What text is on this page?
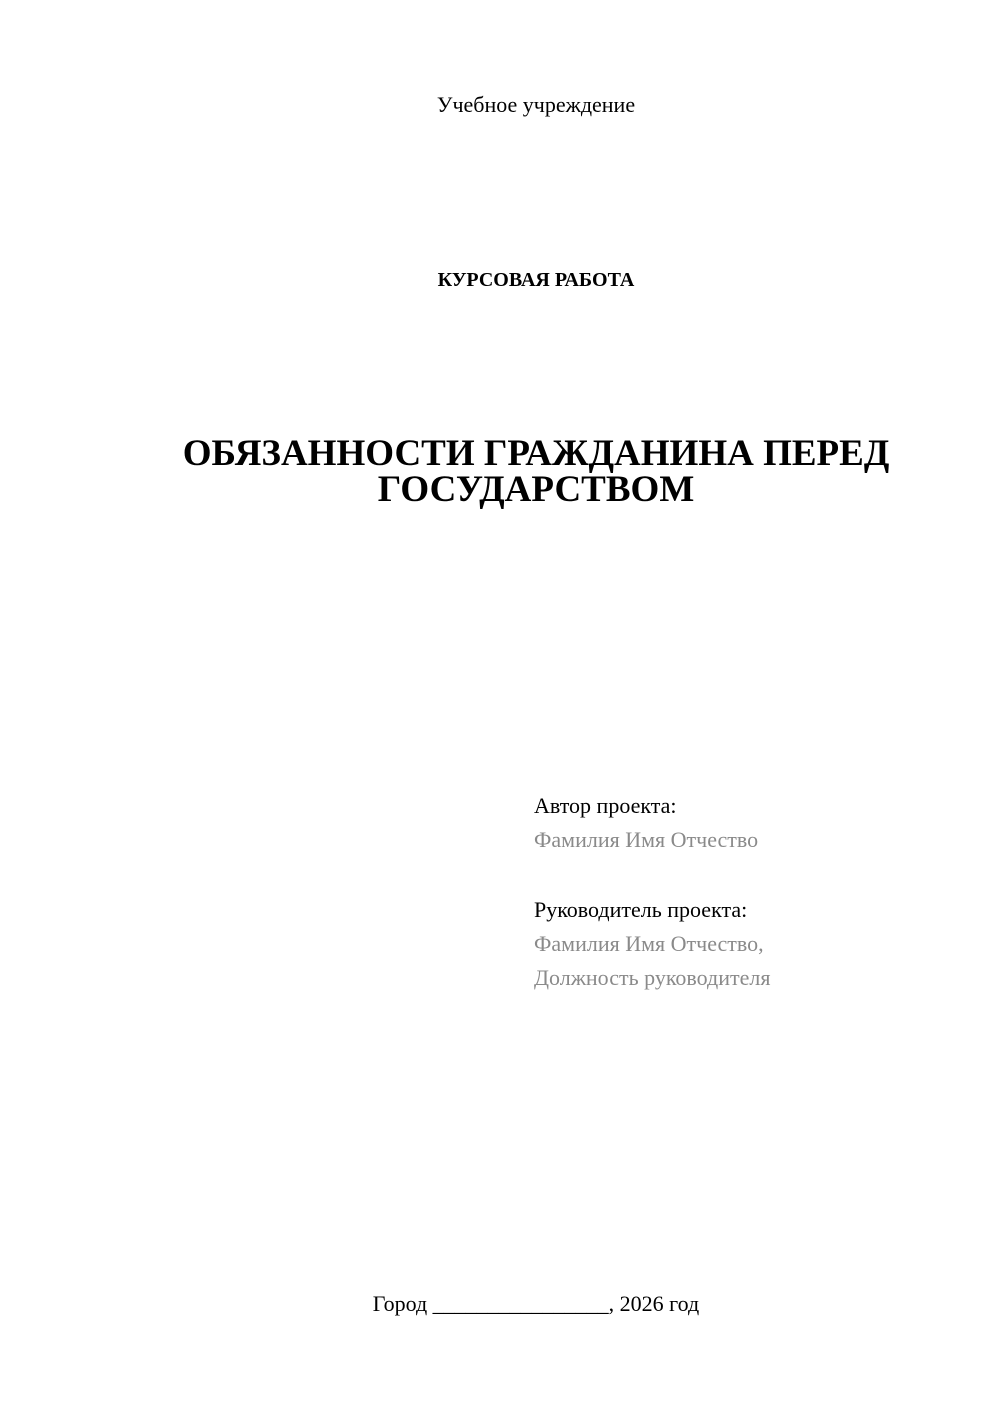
Учебное учреждение
КУРСОВАЯ РАБОТА
ОБЯЗАННОСТИ ГРАЖДАНИНА ПЕРЕД
ГОСУДАРСТВОМ
Автор проекта:
Фамилия Имя Отчество
Руководитель проекта:
Фамилия Имя Отчество,
Должность руководителя
Город ________________, 2026 год
